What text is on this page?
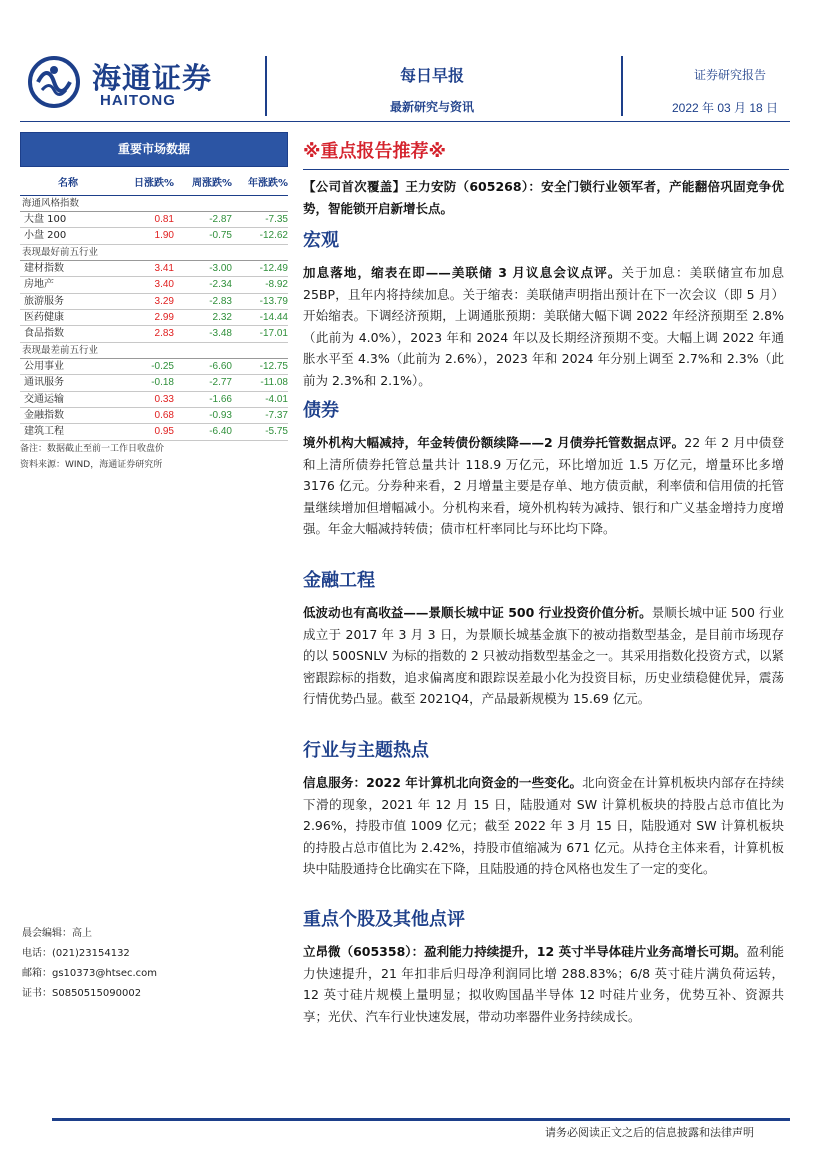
海通证券
HAITONG
每日早报
最新研究与资讯
证券研究报告
2022 年 03 月 18 日
重要市场数据
名称	日涨跌%	周涨跌%	年涨跌%
海通风格指数
大盘 100	0.81	-2.87	-7.35
小盘 200	1.90	-0.75	-12.62
表现最好前五行业
建材指数	3.41	-3.00	-12.49
房地产	3.40	-2.34	-8.92
旅游服务	3.29	-2.83	-13.79
医药健康	2.99	2.32	-14.44
食品指数	2.83	-3.48	-17.01
表现最差前五行业
公用事业	-0.25	-6.60	-12.75
通讯服务	-0.18	-2.77	-11.08
交通运输	0.33	-1.66	-4.01
金融指数	0.68	-0.93	-7.37
建筑工程	0.95	-6.40	-5.75
备注：数据截止至前一工作日收盘价
资料来源：WIND，海通证券研究所
晨会编辑：高上
电话：(021)23154132
邮箱：gs10373@htsec.com
证书：S0850515090002
※重点报告推荐※
【公司首次覆盖】王力安防（605268）：安全门锁行业领军者，产能翻倍巩固竞争优势，智能锁开启新增长点。
宏观
加息落地，缩表在即——美联储 3 月议息会议点评。关于加息：美联储宣布加息 25BP，且年内将持续加息。关于缩表：美联储声明指出预计在下一次会议（即 5 月）开始缩表。下调经济预期，上调通胀预期：美联储大幅下调 2022 年经济预期至 2.8%（此前为 4.0%），2023 年和 2024 年以及长期经济预期不变。大幅上调 2022 年通胀水平至 4.3%（此前为 2.6%），2023 年和 2024 年分别上调至 2.7%和 2.3%（此前为 2.3%和 2.1%）。
债券
境外机构大幅减持，年金转债份额续降——2 月债券托管数据点评。22 年 2 月中债登和上清所债券托管总量共计 118.9 万亿元，环比增加近 1.5 万亿元，增量环比多增 3176 亿元。分券种来看，2 月增量主要是存单、地方债贡献，利率债和信用债的托管量继续增加但增幅减小。分机构来看，境外机构转为减持、银行和广义基金增持力度增强。年金大幅减持转债；债市杠杆率同比与环比均下降。
金融工程
低波动也有高收益——景顺长城中证 500 行业投资价值分析。景顺长城中证 500 行业成立于 2017 年 3 月 3 日，为景顺长城基金旗下的被动指数型基金，是目前市场现存的以 500SNLV 为标的指数的 2 只被动指数型基金之一。其采用指数化投资方式，以紧密跟踪标的指数，追求偏离度和跟踪误差最小化为投资目标，历史业绩稳健优异，震荡行情优势凸显。截至 2021Q4，产品最新规模为 15.69 亿元。
行业与主题热点
信息服务：2022 年计算机北向资金的一些变化。北向资金在计算机板块内部存在持续下滑的现象，2021 年 12 月 15 日，陆股通对 SW 计算机板块的持股占总市值比为 2.96%，持股市值 1009 亿元；截至 2022 年 3 月 15 日，陆股通对 SW 计算机板块的持股占总市值比为 2.42%，持股市值缩减为 671 亿元。从持仓主体来看，计算机板块中陆股通持仓比确实在下降，且陆股通的持仓风格也发生了一定的变化。
重点个股及其他点评
立昂微（605358）：盈利能力持续提升，12 英寸半导体硅片业务高增长可期。盈利能力快速提升，21 年扣非后归母净利润同比增 288.83%；6/8 英寸硅片满负荷运转，12 英寸硅片规模上量明显；拟收购国晶半导体 12 吋硅片业务，优势互补、资源共享；光伏、汽车行业快速发展，带动功率器件业务持续成长。
请务必阅读正文之后的信息披露和法律声明
